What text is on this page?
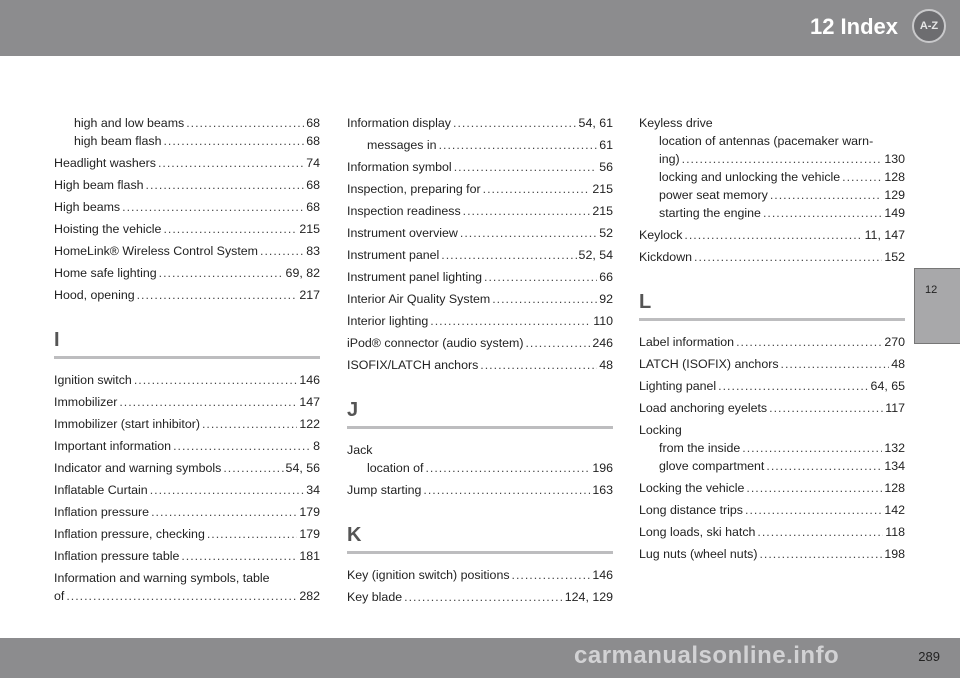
12 Index	A-Z
12
high and low beams .....	68
high beam flash .....	68
Headlight washers .....	74
High beam flash .....	68
High beams .....	68
Hoisting the vehicle .....	215
HomeLink® Wireless Control System .....	83
Home safe lighting .....	69, 82
Hood, opening .....	217
I
Ignition switch .....	146
Immobilizer .....	147
Immobilizer (start inhibitor) .....	122
Important information .....	8
Indicator and warning symbols .....	54, 56
Inflatable Curtain .....	34
Inflation pressure .....	179
Inflation pressure, checking .....	179
Inflation pressure table .....	181
Information and warning symbols, table
of .....	282
Information display .....	54, 61
messages in .....	61
Information symbol .....	56
Inspection, preparing for .....	215
Inspection readiness .....	215
Instrument overview .....	52
Instrument panel .....	52, 54
Instrument panel lighting .....	66
Interior Air Quality System .....	92
Interior lighting .....	110
iPod® connector (audio system) .....	246
ISOFIX/LATCH anchors .....	48
J
Jack
location of .....	196
Jump starting .....	163
K
Key (ignition switch) positions .....	146
Key blade .....	124, 129
Keyless drive
location of antennas (pacemaker warn-
ing) .....	130
locking and unlocking the vehicle .....	128
power seat memory .....	129
starting the engine .....	149
Keylock .....	11, 147
Kickdown .....	152
L
Label information .....	270
LATCH (ISOFIX) anchors .....	48
Lighting panel .....	64, 65
Load anchoring eyelets .....	117
Locking
from the inside .....	132
glove compartment .....	134
Locking the vehicle .....	128
Long distance trips .....	142
Long loads, ski hatch .....	118
Lug nuts (wheel nuts) .....	198
carmanualsonline.info	289
